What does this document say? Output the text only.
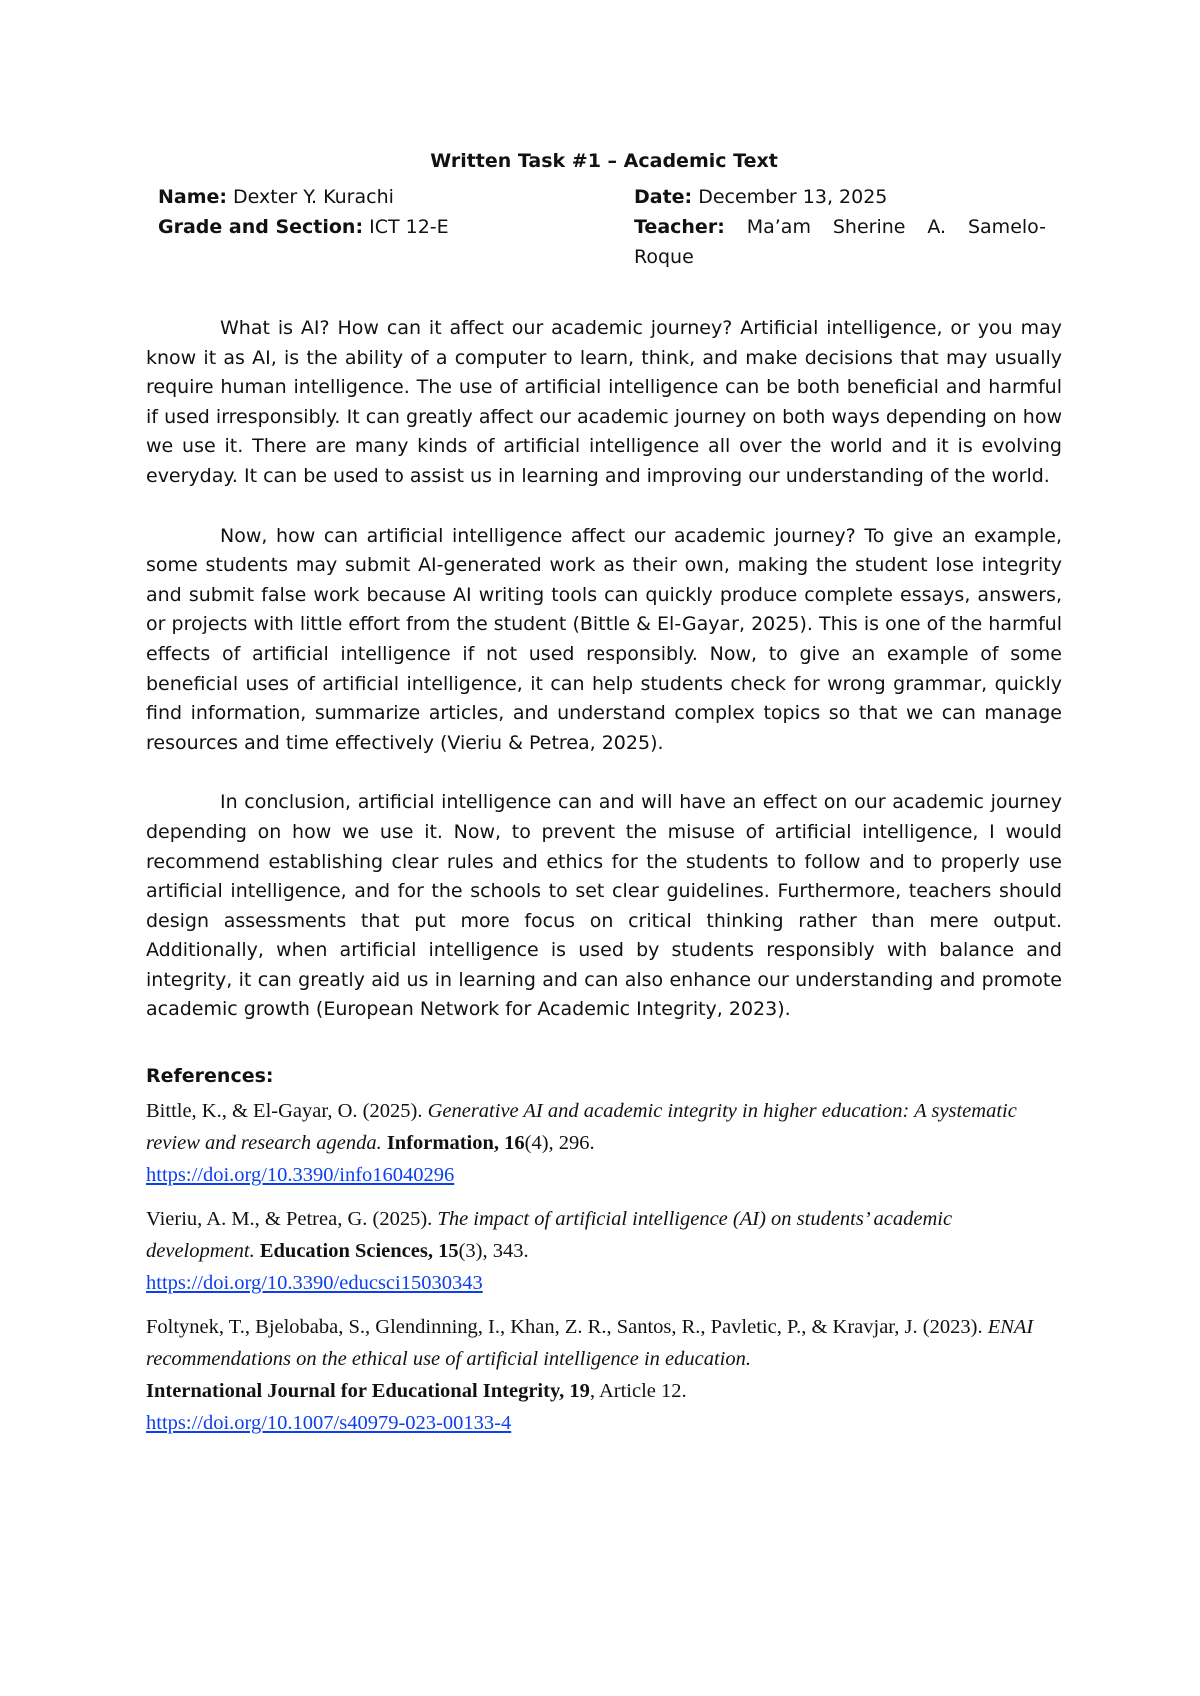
Written Task #1 – Academic Text
Name: Dexter Y. Kurachi
Grade and Section: ICT 12-E
Date: December 13, 2025
Teacher: Ma’am Sherine A. Samelo-
Roque

What is AI? How can it affect our academic journey? Artificial intelligence, or you may know it as AI, is the ability of a computer to learn, think, and make decisions that may usually require human intelligence. The use of artificial intelligence can be both beneficial and harmful if used irresponsibly. It can greatly affect our academic journey on both ways depending on how we use it. There are many kinds of artificial intelligence all over the world and it is evolving everyday. It can be used to assist us in learning and improving our understanding of the world.

Now, how can artificial intelligence affect our academic journey? To give an example, some students may submit AI-generated work as their own, making the student lose integrity and submit false work because AI writing tools can quickly produce complete essays, answers, or projects with little effort from the student (Bittle & El-Gayar, 2025). This is one of the harmful effects of artificial intelligence if not used responsibly. Now, to give an example of some beneficial uses of artificial intelligence, it can help students check for wrong grammar, quickly find information, summarize articles, and understand complex topics so that we can manage resources and time effectively (Vieriu & Petrea, 2025).

In conclusion, artificial intelligence can and will have an effect on our academic journey depending on how we use it. Now, to prevent the misuse of artificial intelligence, I would recommend establishing clear rules and ethics for the students to follow and to properly use artificial intelligence, and for the schools to set clear guidelines. Furthermore, teachers should design assessments that put more focus on critical thinking rather than mere output. Additionally, when artificial intelligence is used by students responsibly with balance and integrity, it can greatly aid us in learning and can also enhance our understanding and promote academic growth (European Network for Academic Integrity, 2023).

References:
Bittle, K., & El-Gayar, O. (2025). Generative AI and academic integrity in higher education: A systematic review and research agenda. Information, 16(4), 296.
https://doi.org/10.3390/info16040296
Vieriu, A. M., & Petrea, G. (2025). The impact of artificial intelligence (AI) on students’ academic development. Education Sciences, 15(3), 343.
https://doi.org/10.3390/educsci15030343
Foltynek, T., Bjelobaba, S., Glendinning, I., Khan, Z. R., Santos, R., Pavletic, P., & Kravjar, J. (2023). ENAI recommendations on the ethical use of artificial intelligence in education.
International Journal for Educational Integrity, 19, Article 12.
https://doi.org/10.1007/s40979-023-00133-4
